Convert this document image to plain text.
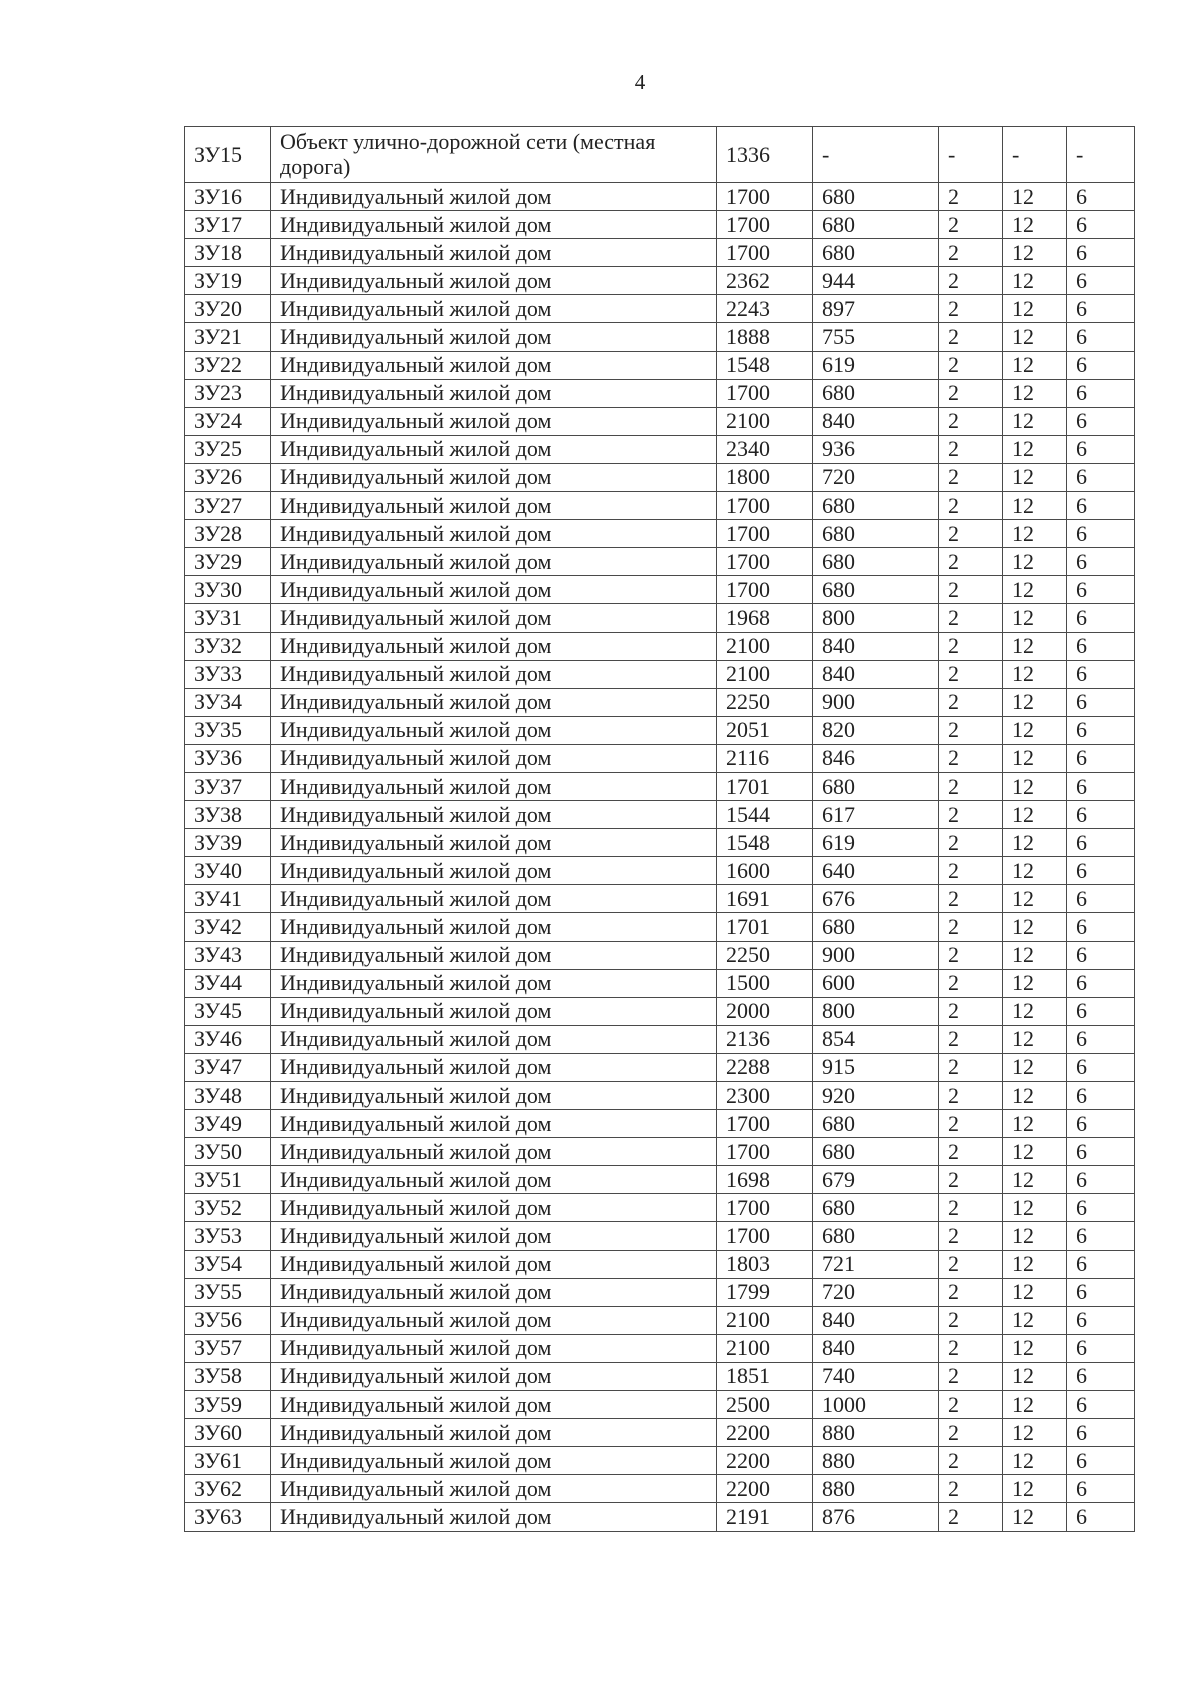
4
ЗУ15	Объект улично-дорожной сети (местная дорога)	1336	-	-	-	-
ЗУ16	Индивидуальный жилой дом	1700	680	2	12	6
ЗУ17	Индивидуальный жилой дом	1700	680	2	12	6
ЗУ18	Индивидуальный жилой дом	1700	680	2	12	6
ЗУ19	Индивидуальный жилой дом	2362	944	2	12	6
ЗУ20	Индивидуальный жилой дом	2243	897	2	12	6
ЗУ21	Индивидуальный жилой дом	1888	755	2	12	6
ЗУ22	Индивидуальный жилой дом	1548	619	2	12	6
ЗУ23	Индивидуальный жилой дом	1700	680	2	12	6
ЗУ24	Индивидуальный жилой дом	2100	840	2	12	6
ЗУ25	Индивидуальный жилой дом	2340	936	2	12	6
ЗУ26	Индивидуальный жилой дом	1800	720	2	12	6
ЗУ27	Индивидуальный жилой дом	1700	680	2	12	6
ЗУ28	Индивидуальный жилой дом	1700	680	2	12	6
ЗУ29	Индивидуальный жилой дом	1700	680	2	12	6
ЗУ30	Индивидуальный жилой дом	1700	680	2	12	6
ЗУ31	Индивидуальный жилой дом	1968	800	2	12	6
ЗУ32	Индивидуальный жилой дом	2100	840	2	12	6
ЗУ33	Индивидуальный жилой дом	2100	840	2	12	6
ЗУ34	Индивидуальный жилой дом	2250	900	2	12	6
ЗУ35	Индивидуальный жилой дом	2051	820	2	12	6
ЗУ36	Индивидуальный жилой дом	2116	846	2	12	6
ЗУ37	Индивидуальный жилой дом	1701	680	2	12	6
ЗУ38	Индивидуальный жилой дом	1544	617	2	12	6
ЗУ39	Индивидуальный жилой дом	1548	619	2	12	6
ЗУ40	Индивидуальный жилой дом	1600	640	2	12	6
ЗУ41	Индивидуальный жилой дом	1691	676	2	12	6
ЗУ42	Индивидуальный жилой дом	1701	680	2	12	6
ЗУ43	Индивидуальный жилой дом	2250	900	2	12	6
ЗУ44	Индивидуальный жилой дом	1500	600	2	12	6
ЗУ45	Индивидуальный жилой дом	2000	800	2	12	6
ЗУ46	Индивидуальный жилой дом	2136	854	2	12	6
ЗУ47	Индивидуальный жилой дом	2288	915	2	12	6
ЗУ48	Индивидуальный жилой дом	2300	920	2	12	6
ЗУ49	Индивидуальный жилой дом	1700	680	2	12	6
ЗУ50	Индивидуальный жилой дом	1700	680	2	12	6
ЗУ51	Индивидуальный жилой дом	1698	679	2	12	6
ЗУ52	Индивидуальный жилой дом	1700	680	2	12	6
ЗУ53	Индивидуальный жилой дом	1700	680	2	12	6
ЗУ54	Индивидуальный жилой дом	1803	721	2	12	6
ЗУ55	Индивидуальный жилой дом	1799	720	2	12	6
ЗУ56	Индивидуальный жилой дом	2100	840	2	12	6
ЗУ57	Индивидуальный жилой дом	2100	840	2	12	6
ЗУ58	Индивидуальный жилой дом	1851	740	2	12	6
ЗУ59	Индивидуальный жилой дом	2500	1000	2	12	6
ЗУ60	Индивидуальный жилой дом	2200	880	2	12	6
ЗУ61	Индивидуальный жилой дом	2200	880	2	12	6
ЗУ62	Индивидуальный жилой дом	2200	880	2	12	6
ЗУ63	Индивидуальный жилой дом	2191	876	2	12	6
